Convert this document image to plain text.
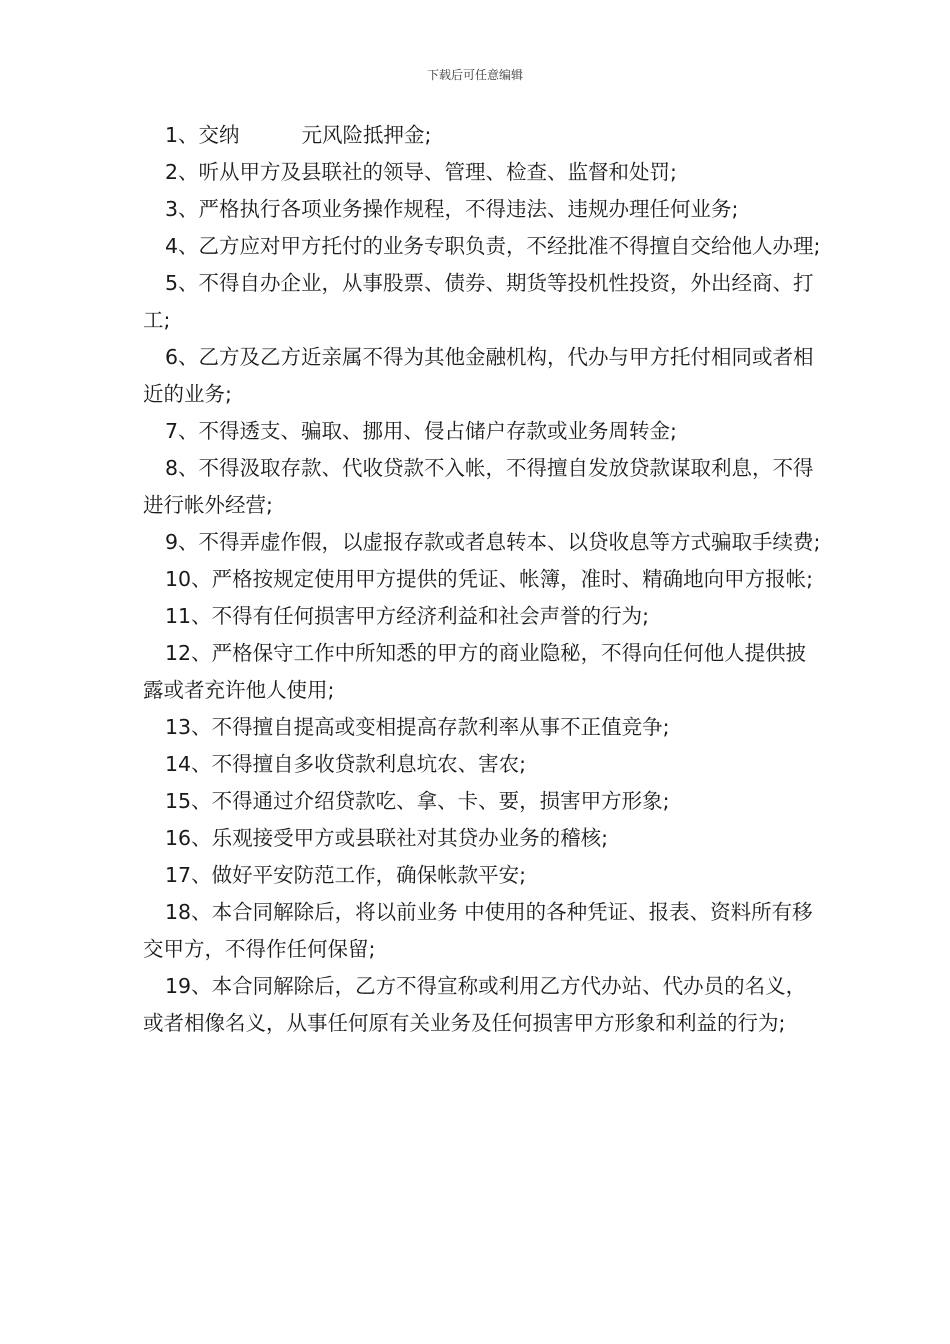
下载后可任意编辑

1、交纳	元风险抵押金;

2、听从甲方及县联社的领导、管理、检查、监督和处罚;

3、严格执行各项业务操作规程，不得违法、违规办理任何业务;

4、乙方应对甲方托付的业务专职负责，不经批准不得擅自交给他人办理;

5、不得自办企业，从事股票、债券、期货等投机性投资，外出经商、打工;

6、乙方及乙方近亲属不得为其他金融机构，代办与甲方托付相同或者相近的业务;

7、不得透支、骗取、挪用、侵占储户存款或业务周转金;

8、不得汲取存款、代收贷款不入帐，不得擅自发放贷款谋取利息，不得进行帐外经营;

9、不得弄虚作假，以虚报存款或者息转本、以贷收息等方式骗取手续费;

10、严格按规定使用甲方提供的凭证、帐簿，准时、精确地向甲方报帐;

11、不得有任何损害甲方经济利益和社会声誉的行为;

12、严格保守工作中所知悉的甲方的商业隐秘，不得向任何他人提供披露或者充许他人使用;

13、不得擅自提高或变相提高存款利率从事不正值竞争;

14、不得擅自多收贷款利息坑农、害农;

15、不得通过介绍贷款吃、拿、卡、要，损害甲方形象;

16、乐观接受甲方或县联社对其贷办业务的稽核;

17、做好平安防范工作，确保帐款平安;

18、本合同解除后，将以前业务 中使用的各种凭证、报表、资料所有移交甲方，不得作任何保留;

19、本合同解除后，乙方不得宣称或利用乙方代办站、代办员的名义，或者相像名义，从事任何原有关业务及任何损害甲方形象和利益的行为;
